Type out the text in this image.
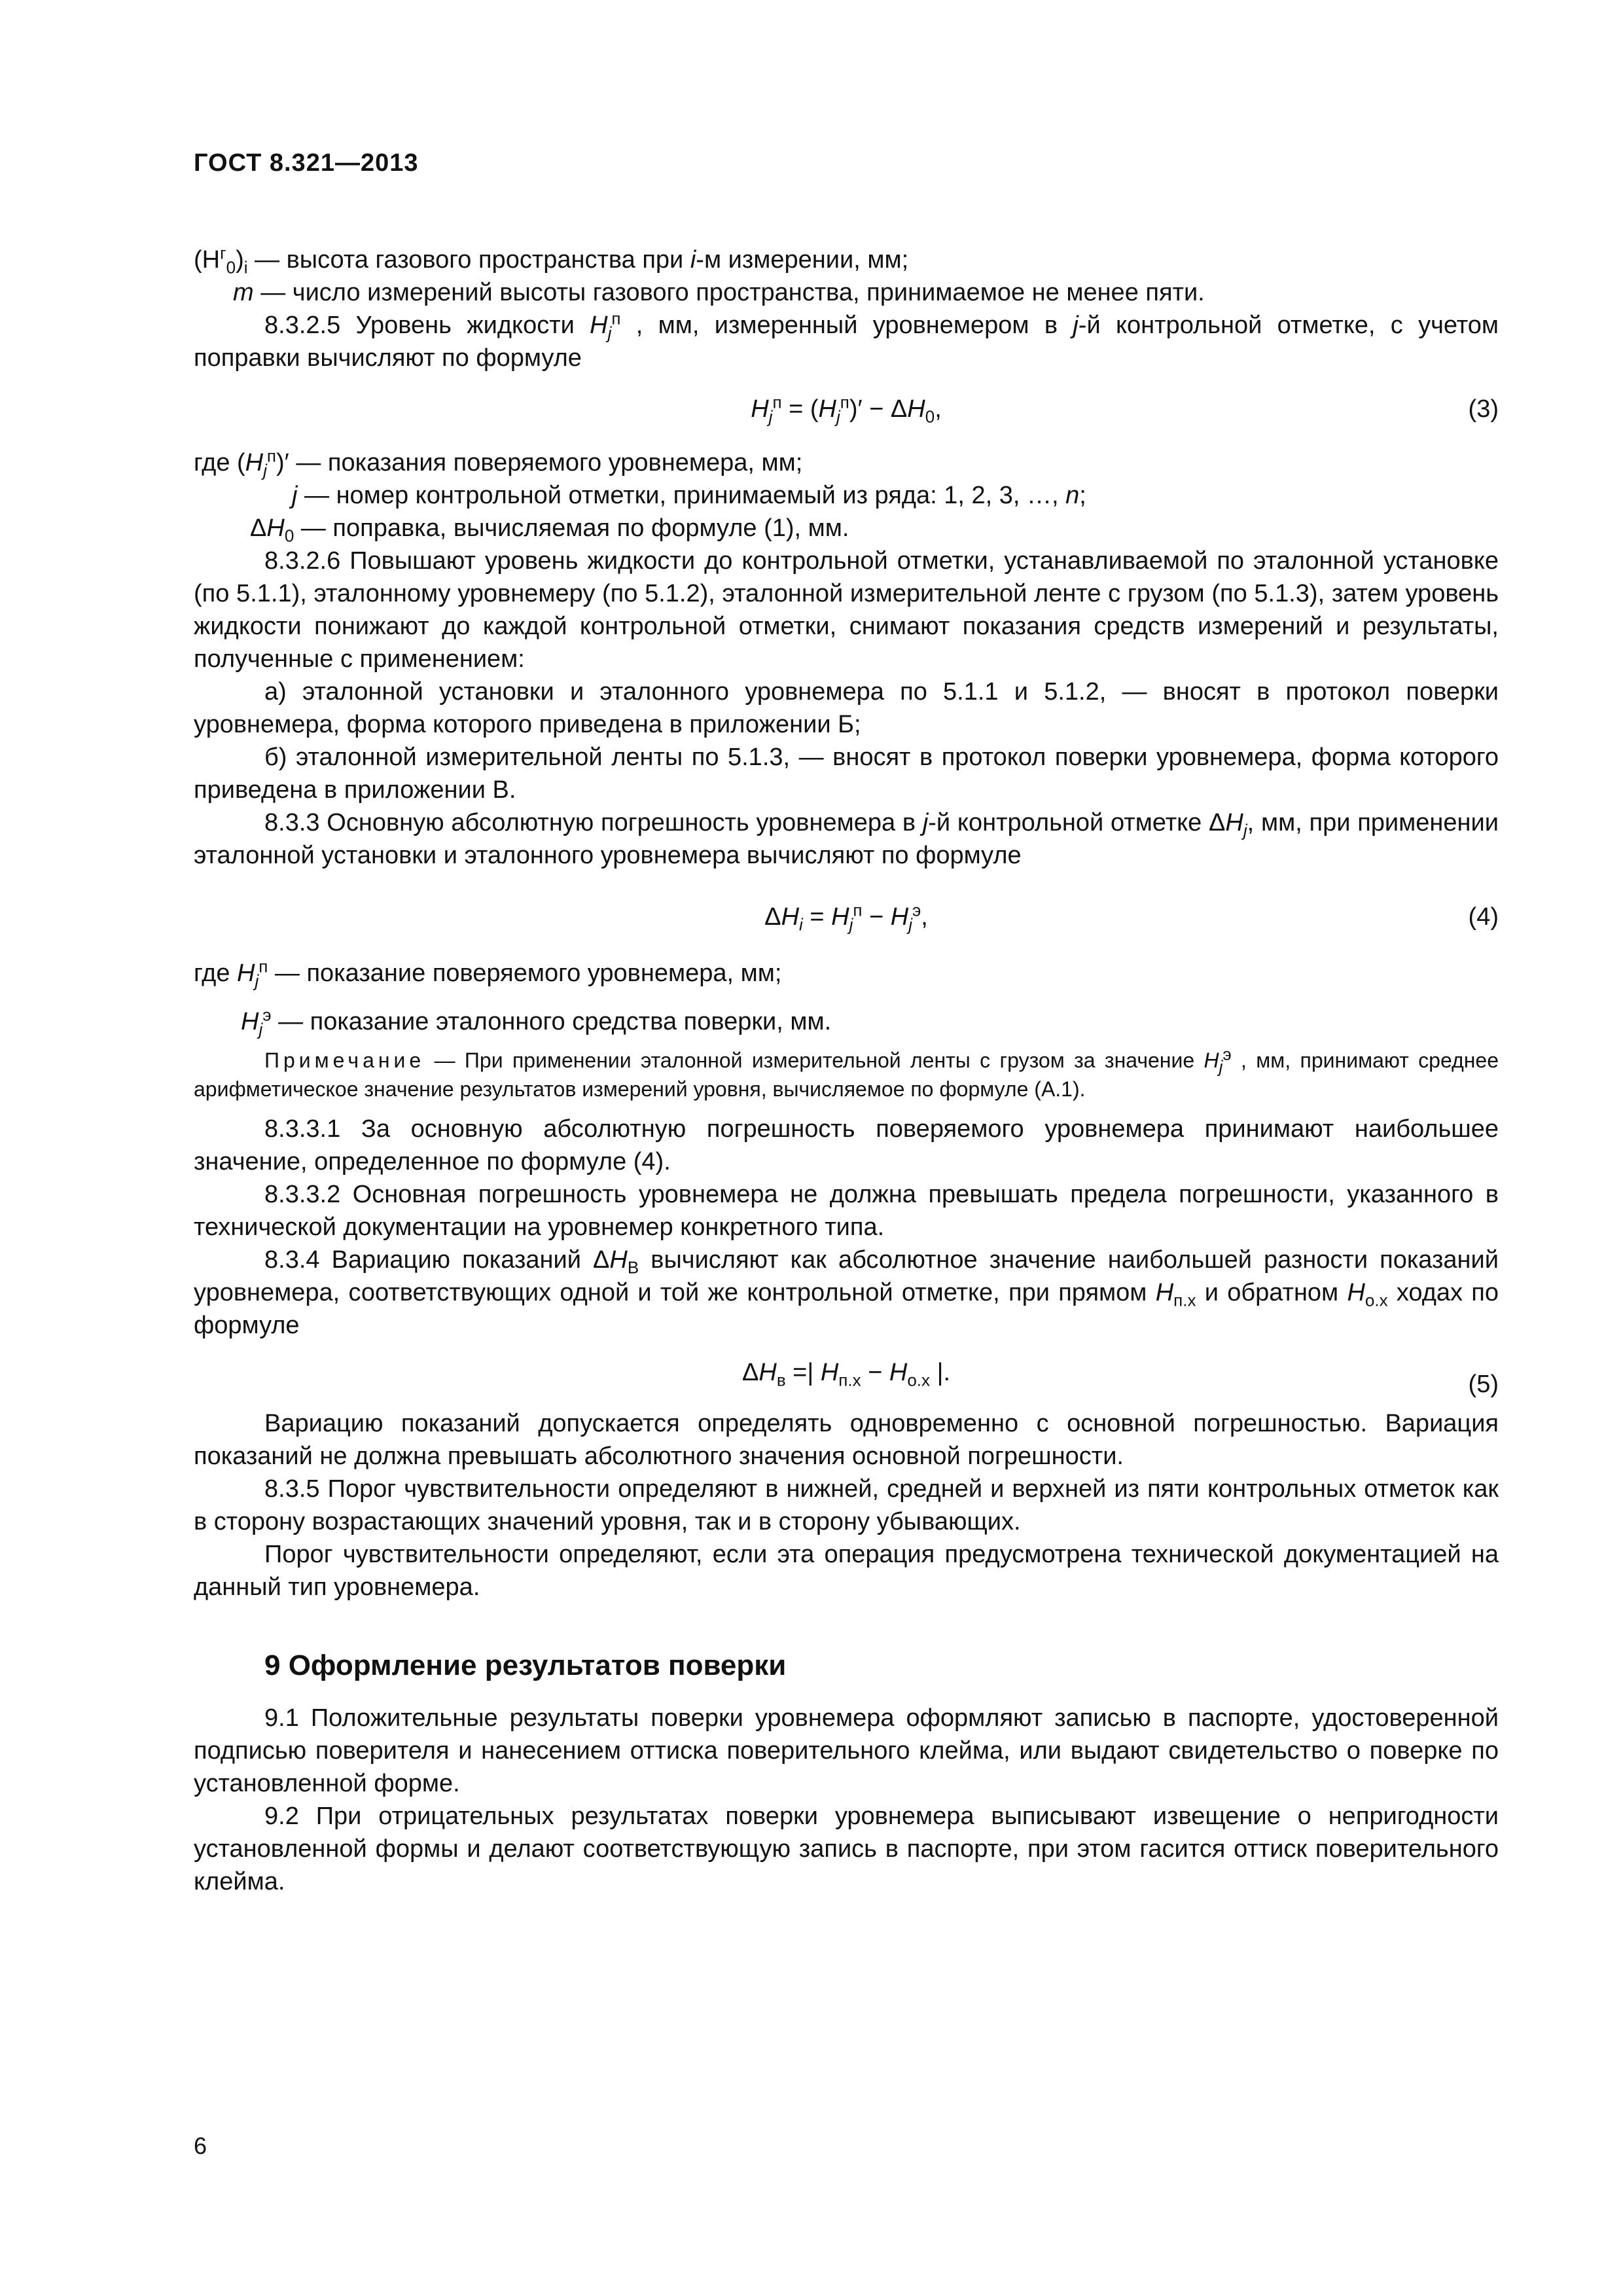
ГОСТ 8.321—2013

$(H^г_0)_i$ — высота газового пространства при i-м измерении, мм;

m — число измерений высоты газового пространства, принимаемое не менее пяти.

8.3.2.5 Уровень жидкости $H_j^п$ , мм, измеренный уровнемером в j-й контрольной отметке, с учетом поправки вычисляют по формуле

$H_j^п = (H_j^п)' - \Delta H_0$,	(3)

где $(H_j^п)'$ — показания поверяемого уровнемера, мм;

j — номер контрольной отметки, принимаемый из ряда: 1, 2, 3, …, n;

$\Delta H_0$ — поправка, вычисляемая по формуле (1), мм.

8.3.2.6 Повышают уровень жидкости до контрольной отметки, устанавливаемой по эталонной установке (по 5.1.1), эталонному уровнемеру (по 5.1.2), эталонной измерительной ленте с грузом (по 5.1.3), затем уровень жидкости понижают до каждой контрольной отметки, снимают показания средств измерений и результаты, полученные с применением:

а) эталонной установки и эталонного уровнемера по 5.1.1 и 5.1.2, — вносят в протокол поверки уровнемера, форма которого приведена в приложении Б;

б) эталонной измерительной ленты по 5.1.3, — вносят в протокол поверки уровнемера, форма которого приведена в приложении В.

8.3.3 Основную абсолютную погрешность уровнемера в j-й контрольной отметке $\Delta H_j$, мм, при применении эталонной установки и эталонного уровнемера вычисляют по формуле

$\Delta H_i = H_j^п - H_j^э$,	(4)

где $H_j^п$ — показание поверяемого уровнемера, мм;

$H_j^э$ — показание эталонного средства поверки, мм.

Примечание — При применении эталонной измерительной ленты с грузом за значение $H_j^э$ , мм, принимают среднее арифметическое значение результатов измерений уровня, вычисляемое по формуле (А.1).

8.3.3.1 За основную абсолютную погрешность поверяемого уровнемера принимают наибольшее значение, определенное по формуле (4).

8.3.3.2 Основная погрешность уровнемера не должна превышать предела погрешности, указанного в технической документации на уровнемер конкретного типа.

8.3.4 Вариацию показаний $\Delta H_В$ вычисляют как абсолютное значение наибольшей разности показаний уровнемера, соответствующих одной и той же контрольной отметке, при прямом $H_{п.х}$ и обратном $H_{о.х}$ ходах по формуле

$\Delta H_в$ =| $H_{п.х} - H_{о.х}$ |.	(5)

Вариацию показаний допускается определять одновременно с основной погрешностью. Вариация показаний не должна превышать абсолютного значения основной погрешности.

8.3.5 Порог чувствительности определяют в нижней, средней и верхней из пяти контрольных отметок как в сторону возрастающих значений уровня, так и в сторону убывающих.

Порог чувствительности определяют, если эта операция предусмотрена технической документацией на данный тип уровнемера.

9 Оформление результатов поверки

9.1 Положительные результаты поверки уровнемера оформляют записью в паспорте, удостоверенной подписью поверителя и нанесением оттиска поверительного клейма, или выдают свидетельство о поверке по установленной форме.

9.2 При отрицательных результатах поверки уровнемера выписывают извещение о непригодности установленной формы и делают соответствующую запись в паспорте, при этом гасится оттиск поверительного клейма.

6
